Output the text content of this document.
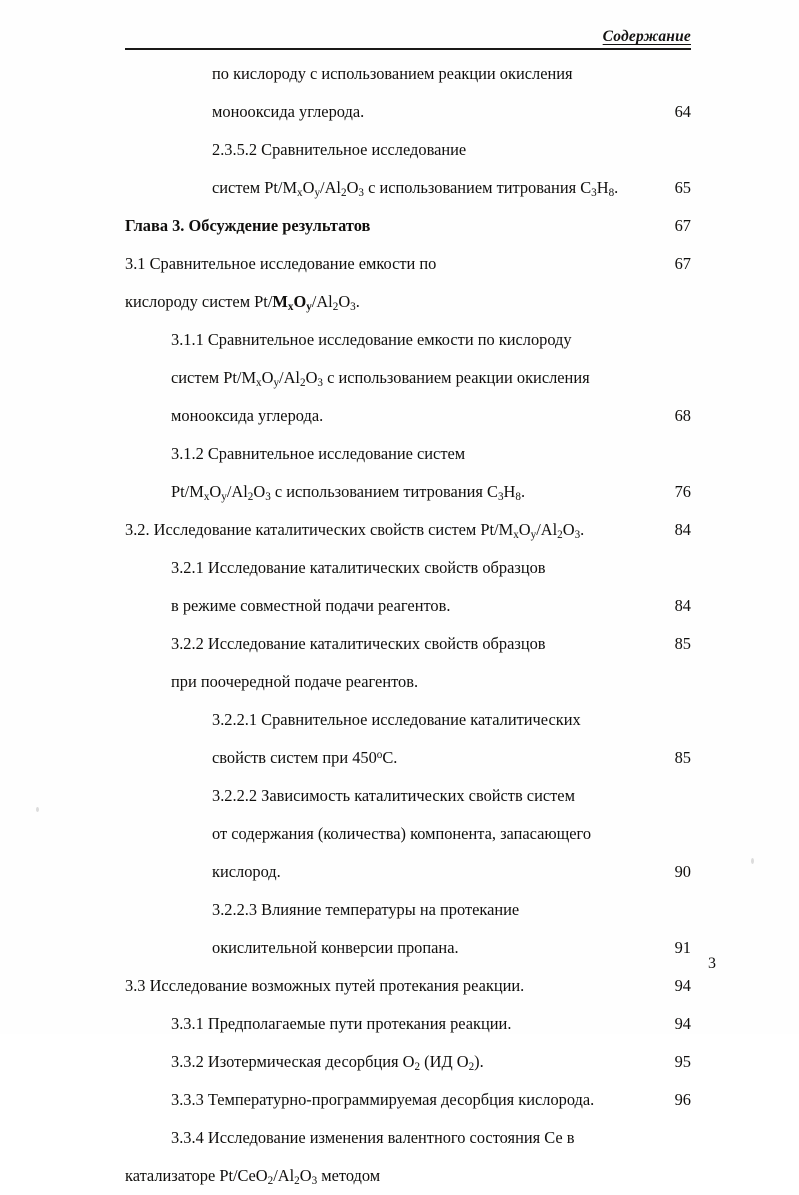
Содержание
по кислороду с использованием реакции окисления
монооксида углерода.	64
2.3.5.2 Сравнительное исследование
систем $Pt/M_xO_y/Al_2O_3$ с использованием титрования $C_3H_8$.	65
Глава 3. Обсуждение результатов	67
3.1 Сравнительное исследование емкости по	67
кислороду систем $Pt/M_xO_y/Al_2O_3$.
3.1.1 Сравнительное исследование емкости по кислороду
систем $Pt/M_xO_y/Al_2O_3$ с использованием реакции окисления
монооксида углерода.	68
3.1.2 Сравнительное исследование систем
$Pt/M_xO_y/Al_2O_3$ с использованием титрования $C_3H_8$.	76
3.2. Исследование каталитических свойств систем $Pt/M_xO_y/Al_2O_3$.	84
3.2.1 Исследование каталитических свойств образцов
в режиме совместной подачи реагентов.	84
3.2.2 Исследование каталитических свойств образцов	85
при поочередной подаче реагентов.
3.2.2.1 Сравнительное исследование каталитических
свойств систем при $450^оС$.	85
3.2.2.2 Зависимость каталитических свойств систем
от содержания (количества) компонента, запасающего
кислород.	90
3.2.2.3 Влияние температуры на протекание
окислительной конверсии пропана.	91
3.3 Исследование возможных путей протекания реакции.	94
3.3.1 Предполагаемые пути протекания реакции.	94
3.3.2 Изотермическая десорбция $O_2$ (ИД $O_2$).	95
3.3.3 Температурно-программируемая десорбция кислорода.	96
3.3.4 Исследование изменения валентного состояния Се в
катализаторе $Pt/CeO_2/Al_2O_3$ методом
3
